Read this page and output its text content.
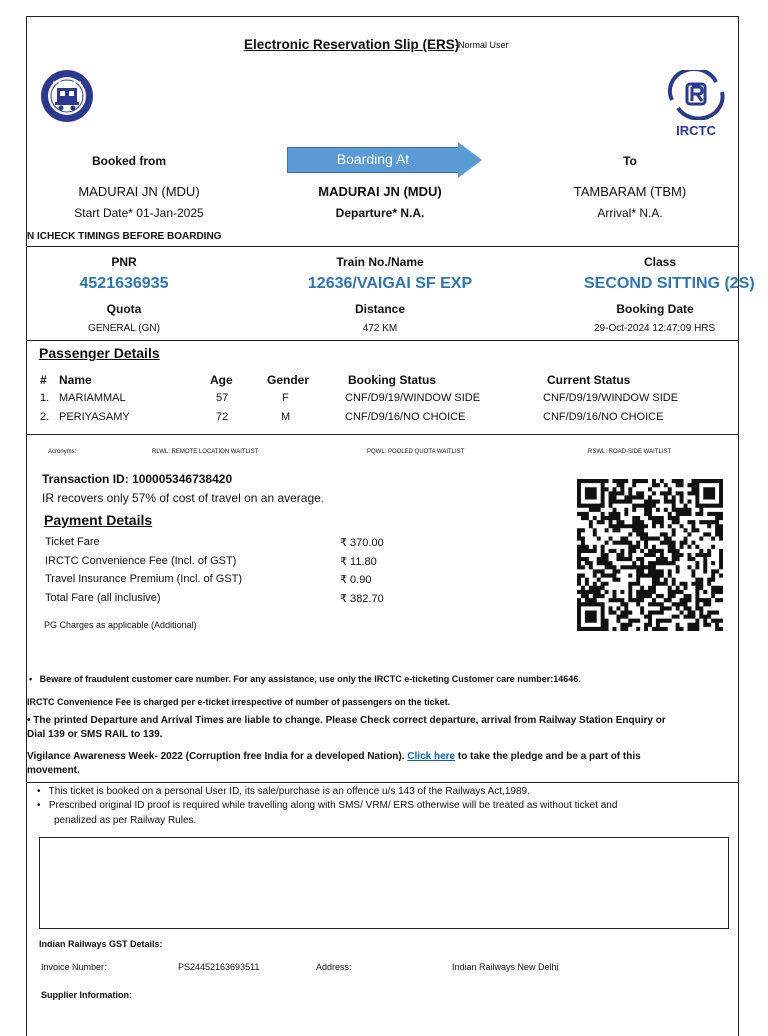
Electronic Reservation Slip (ERS)
-Normal User
IRCTC
Booked from	Boarding At	To
MADURAI JN (MDU)	MADURAI JN (MDU)	TAMBARAM (TBM)
Start Date* 01-Jan-2025	Departure* N.A.	Arrival* N.A.
N ICHECK TIMINGS BEFORE BOARDING
PNR	Train No./Name	Class
4521636935	12636/VAIGAI SF EXP	SECOND SITTING (2S)
Quota	Distance	Booking Date
GENERAL (GN)	472 KM	29-Oct-2024 12:47:09 HRS
Passenger Details
# Name	Age	Gender	Booking Status	Current Status
1. MARIAMMAL	57	F	CNF/D9/19/WINDOW SIDE	CNF/D9/19/WINDOW SIDE
2. PERIYASAMY	72	M	CNF/D9/16/NO CHOICE	CNF/D9/16/NO CHOICE
Acronyms:	RLWL: REMOTE LOCATION WAITLIST	PQWL: POOLED QUOTA WAITLIST	RSWL: ROAD-SIDE WAITLIST
Transaction ID: 100005346738420
IR recovers only 57% of cost of travel on an average.
Payment Details
Ticket Fare	₹ 370.00
IRCTC Convenience Fee (Incl. of GST)	₹ 11.80
Travel Insurance Premium (Incl. of GST)	₹ 0.90
Total Fare (all inclusive)	₹ 382.70
PG Charges as applicable (Additional)
•   Beware of fraudulent customer care number. For any assistance, use only the IRCTC e-ticketing Customer care number:14646.
IRCTC Convenience Fee is charged per e-ticket irrespective of number of passengers on the ticket.
• The printed Departure and Arrival Times are liable to change. Please Check correct departure, arrival from Railway Station Enquiry or
Dial 139 or SMS RAIL to 139.
Vigilance Awareness Week- 2022 (Corruption free India for a developed Nation). Click here to take the pledge and be a part of this
movement.
•   This ticket is booked on a personal User ID, its sale/purchase is an offence u/s 143 of the Railways Act,1989.
•   Prescribed original ID proof is required while travelling along with SMS/ VRM/ ERS otherwise will be treated as without ticket and
penalized as per Railway Rules.
Indian Railways GST Details:
Invoice Number:	PS24452163693511	Address:	Indian Railways New Delhi
Supplier Information:
